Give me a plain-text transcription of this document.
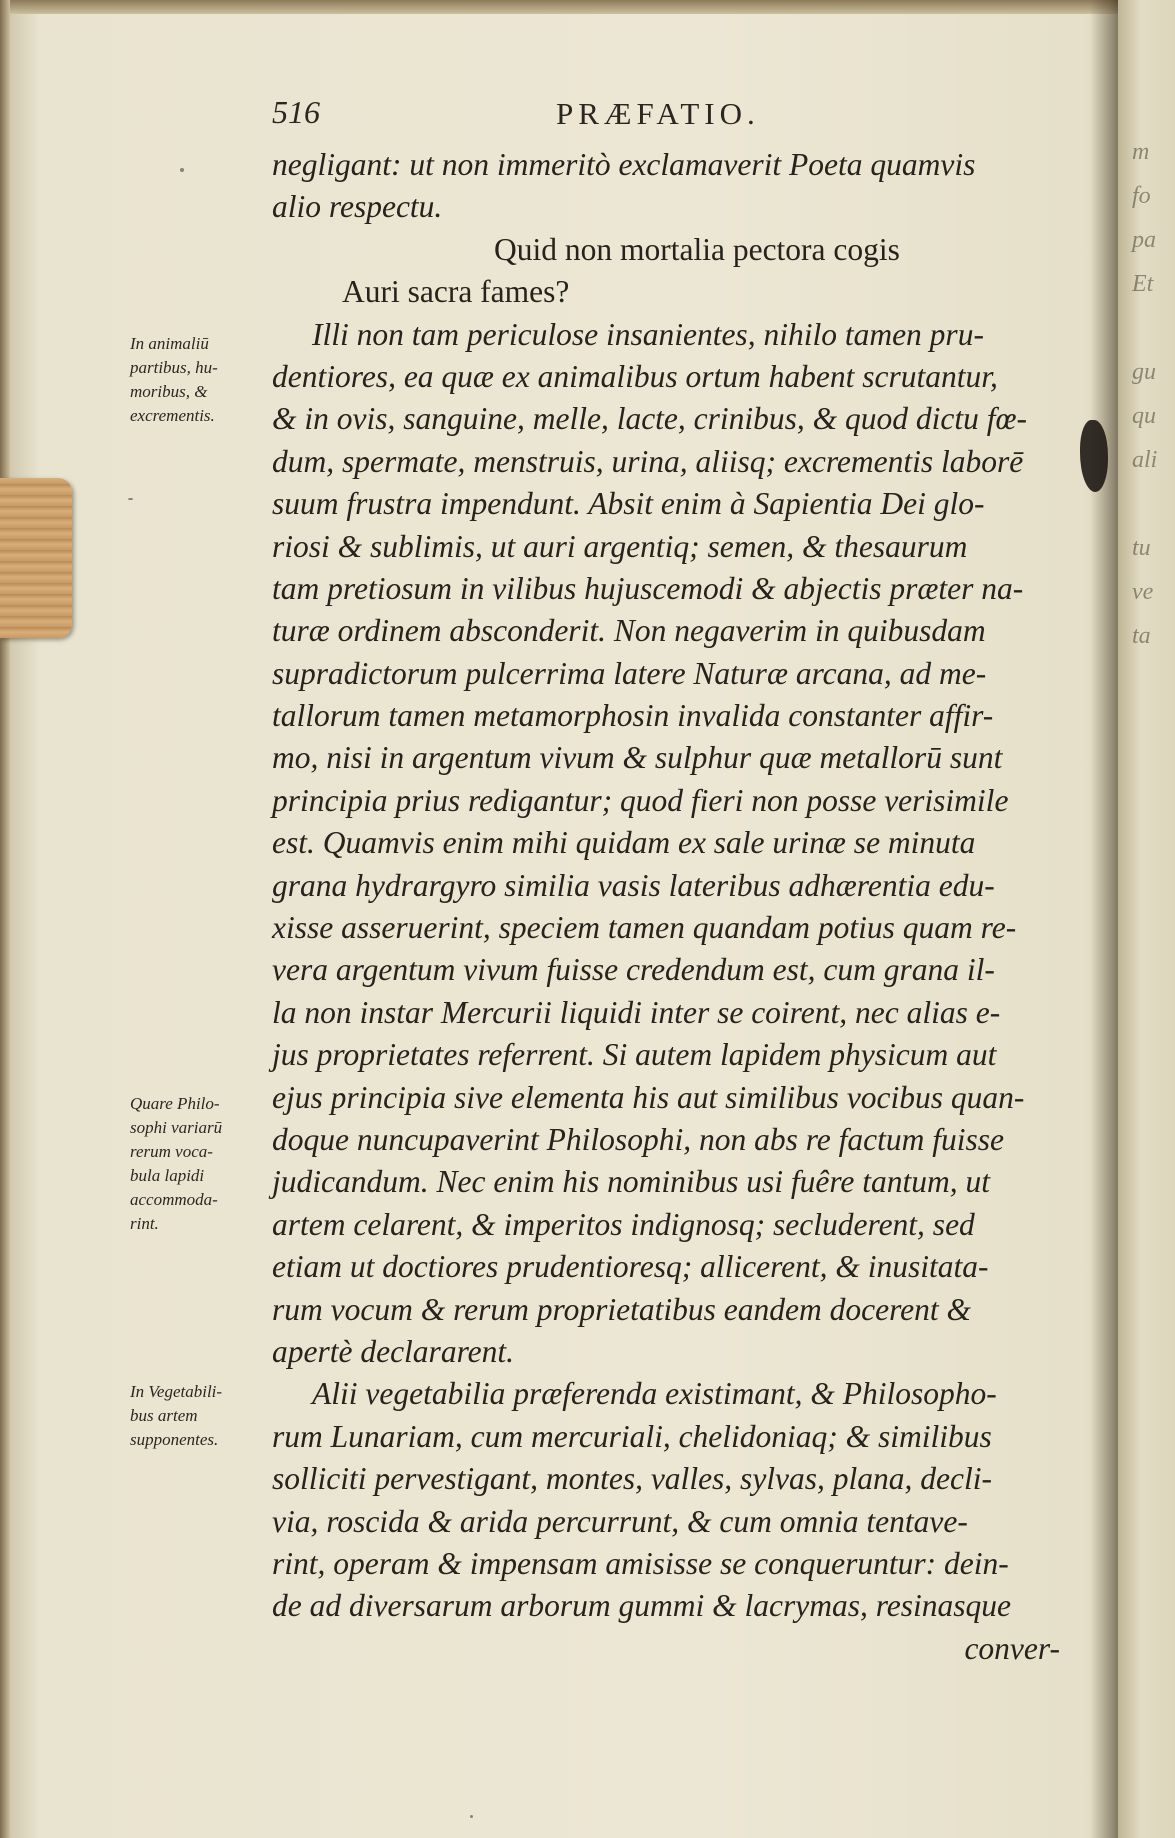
m
fo
pa
Et

gu
qu
ali

tu
ve
ta
516	PRÆFATIO.
negligant: ut non immeritò exclamaverit Poeta quamvis
alio respectu.
Quid non mortalia pectora cogis
Auri sacra fames?
Illi non tam periculose insanientes, nihilo tamen pru-
dentiores, ea quæ ex animalibus ortum habent scrutantur,
& in ovis, sanguine, melle, lacte, crinibus, & quod dictu fœ-
dum, spermate, menstruis, urina, aliisq; excrementis laborē
suum frustra impendunt. Absit enim à Sapientia Dei glo-
riosi & sublimis, ut auri argentiq; semen, & thesaurum
tam pretiosum in vilibus hujuscemodi & abjectis præter na-
turæ ordinem absconderit. Non negaverim in quibusdam
supradictorum pulcerrima latere Naturæ arcana, ad me-
tallorum tamen metamorphosin invalida constanter affir-
mo, nisi in argentum vivum & sulphur quæ metallorū sunt
principia prius redigantur; quod fieri non posse verisimile
est. Quamvis enim mihi quidam ex sale urinæ se minuta
grana hydrargyro similia vasis lateribus adhærentia edu-
xisse asseruerint, speciem tamen quandam potius quam re-
vera argentum vivum fuisse credendum est, cum grana il-
la non instar Mercurii liquidi inter se coirent, nec alias e-
jus proprietates referrent. Si autem lapidem physicum aut
ejus principia sive elementa his aut similibus vocibus quan-
doque nuncupaverint Philosophi, non abs re factum fuisse
judicandum. Nec enim his nominibus usi fuêre tantum, ut
artem celarent, & imperitos indignosq; secluderent, sed
etiam ut doctiores prudentioresq; allicerent, & inusitata-
rum vocum & rerum proprietatibus eandem docerent &
apertè declararent.
Alii vegetabilia præferenda existimant, & Philosopho-
rum Lunariam, cum mercuriali, chelidoniaq; & similibus
solliciti pervestigant, montes, valles, sylvas, plana, decli-
via, roscida & arida percurrunt, & cum omnia tentave-
rint, operam & impensam amisisse se conqueruntur: dein-
de ad diversarum arborum gummi & lacrymas, resinasque
conver-
In animaliū
partibus, hu-
moribus, &
excrementis.
Quare Philo-
sophi variarū
rerum voca-
bula lapidi
accommoda-
rint.
In Vegetabili-
bus artem
supponentes.
